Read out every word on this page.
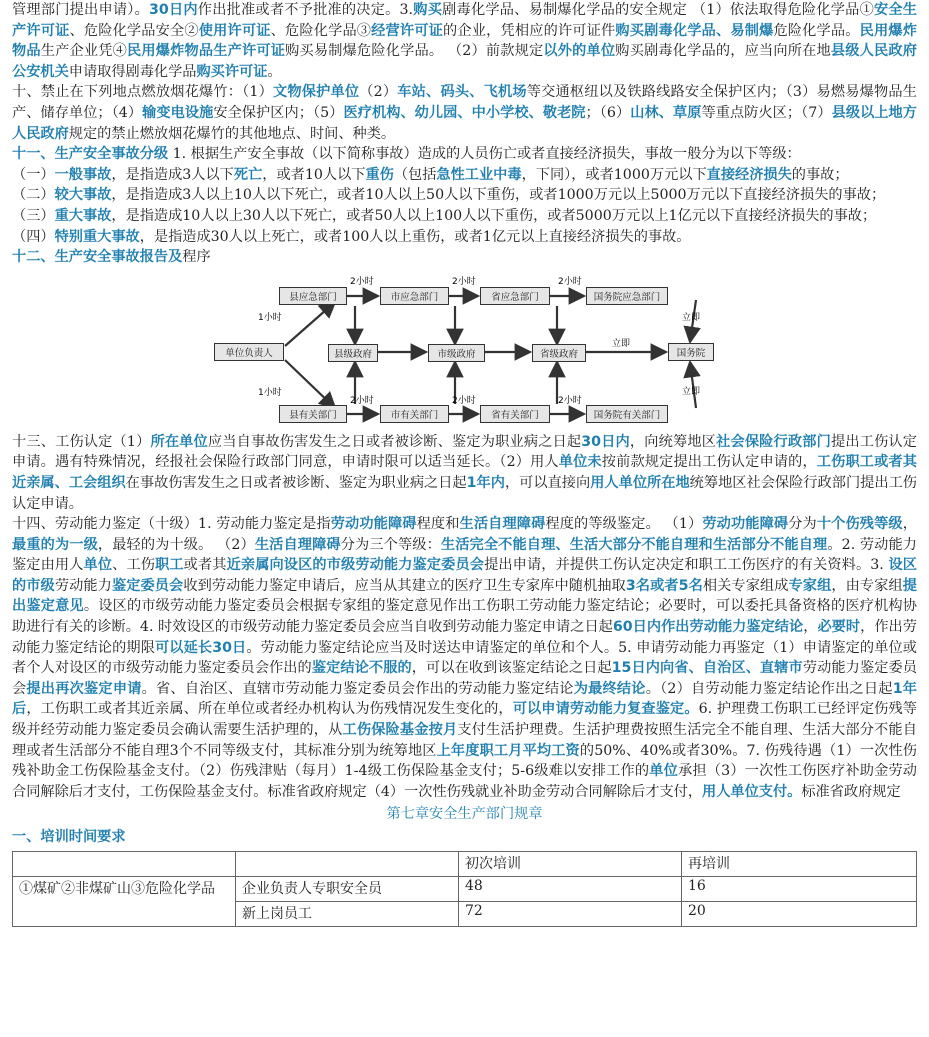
管理部门提出申请）。30日内作出批准或者不予批准的决定。3.购买剧毒化学品、易制爆化学品的安全规定 （1）依法取得危险化学品①安全生产许可证、危险化学品安全②使用许可证、危险化学品③经营许可证的企业，凭相应的许可证件购买剧毒化学品、易制爆危险化学品。民用爆炸物品生产企业凭④民用爆炸物品生产许可证购买易制爆危险化学品。 （2）前款规定以外的单位购买剧毒化学品的，应当向所在地县级人民政府公安机关申请取得剧毒化学品购买许可证。

十、禁止在下列地点燃放烟花爆竹：（1）文物保护单位（2）车站、码头、飞机场等交通枢纽以及铁路线路安全保护区内；（3）易燃易爆物品生产、储存单位；（4）输变电设施安全保护区内；（5）医疗机构、幼儿园、中小学校、敬老院；（6）山林、草原等重点防火区；（7）县级以上地方人民政府规定的禁止燃放烟花爆竹的其他地点、时间、种类。

十一、生产安全事故分级 1. 根据生产安全事故（以下简称事故）造成的人员伤亡或者直接经济损失，事故一般分为以下等级：

（一）一般事故，是指造成3人以下死亡，或者10人以下重伤（包括急性工业中毒，下同），或者1000万元以下直接经济损失的事故；

（二）较大事故，是指造成3人以上10人以下死亡，或者10人以上50人以下重伤，或者1000万元以上5000万元以下直接经济损失的事故；

（三）重大事故，是指造成10人以上30人以下死亡，或者50人以上100人以下重伤，或者5000万元以上1亿元以下直接经济损失的事故；

（四）特别重大事故，是指造成30人以上死亡，或者100人以上重伤，或者1亿元以上直接经济损失的事故。

十二、生产安全事故报告及程序

单位负责人
县应急部门	市应急部门	省应急部门	国务院应急部门
县级政府	市级政府	省级政府	国务院
县有关部门	市有关部门	省有关部门	国务院有关部门
1小时
1小时
2小时	2小时	2小时
2小时	2小时	2小时
立即
立即
立即

十三、工伤认定（1）所在单位应当自事故伤害发生之日或者被诊断、鉴定为职业病之日起30日内，向统筹地区社会保险行政部门提出工伤认定申请。遇有特殊情况，经报社会保险行政部门同意，申请时限可以适当延长。（2）用人单位未按前款规定提出工伤认定申请的，工伤职工或者其近亲属、工会组织在事故伤害发生之日或者被诊断、鉴定为职业病之日起1年内，可以直接向用人单位所在地统筹地区社会保险行政部门提出工伤认定申请。

十四、劳动能力鉴定（十级）1. 劳动能力鉴定是指劳动功能障碍程度和生活自理障碍程度的等级鉴定。 （1）劳动功能障碍分为十个伤残等级，最重的为一级，最轻的为十级。 （2）生活自理障碍分为三个等级：生活完全不能自理、生活大部分不能自理和生活部分不能自理。2. 劳动能力鉴定由用人单位、工伤职工或者其近亲属向设区的市级劳动能力鉴定委员会提出申请，并提供工伤认定决定和职工工伤医疗的有关资料。3. 设区的市级劳动能力鉴定委员会收到劳动能力鉴定申请后，应当从其建立的医疗卫生专家库中随机抽取3名或者5名相关专家组成专家组，由专家组提出鉴定意见。设区的市级劳动能力鉴定委员会根据专家组的鉴定意见作出工伤职工劳动能力鉴定结论；必要时，可以委托具备资格的医疗机构协助进行有关的诊断。4. 时效设区的市级劳动能力鉴定委员会应当自收到劳动能力鉴定申请之日起60日内作出劳动能力鉴定结论，必要时，作出劳动能力鉴定结论的期限可以延长30日。劳动能力鉴定结论应当及时送达申请鉴定的单位和个人。5. 申请劳动能力再鉴定（1）申请鉴定的单位或者个人对设区的市级劳动能力鉴定委员会作出的鉴定结论不服的，可以在收到该鉴定结论之日起15日内向省、自治区、直辖市劳动能力鉴定委员会提出再次鉴定申请。省、自治区、直辖市劳动能力鉴定委员会作出的劳动能力鉴定结论为最终结论。（2）自劳动能力鉴定结论作出之日起1年后，工伤职工或者其近亲属、所在单位或者经办机构认为伤残情况发生变化的，可以申请劳动能力复查鉴定。6. 护理费工伤职工已经评定伤残等级并经劳动能力鉴定委员会确认需要生活护理的，从工伤保险基金按月支付生活护理费。生活护理费按照生活完全不能自理、生活大部分不能自理或者生活部分不能自理3个不同等级支付，其标准分别为统筹地区上年度职工月平均工资的50%、40%或者30%。7. 伤残待遇（1）一次性伤残补助金工伤保险基金支付。（2）伤残津贴（每月）1-4级工伤保险基金支付；5-6级难以安排工作的单位承担（3）一次性工伤医疗补助金劳动合同解除后才支付，工伤保险基金支付。标准省政府规定（4）一次性伤残就业补助金劳动合同解除后才支付，用人单位支付。标准省政府规定

第七章安全生产部门规章

一、培训时间要求

		初次培训	再培训
①煤矿②非煤矿山③危险化学品	企业负责人专职安全员	48	16
	新上岗员工	72	20
